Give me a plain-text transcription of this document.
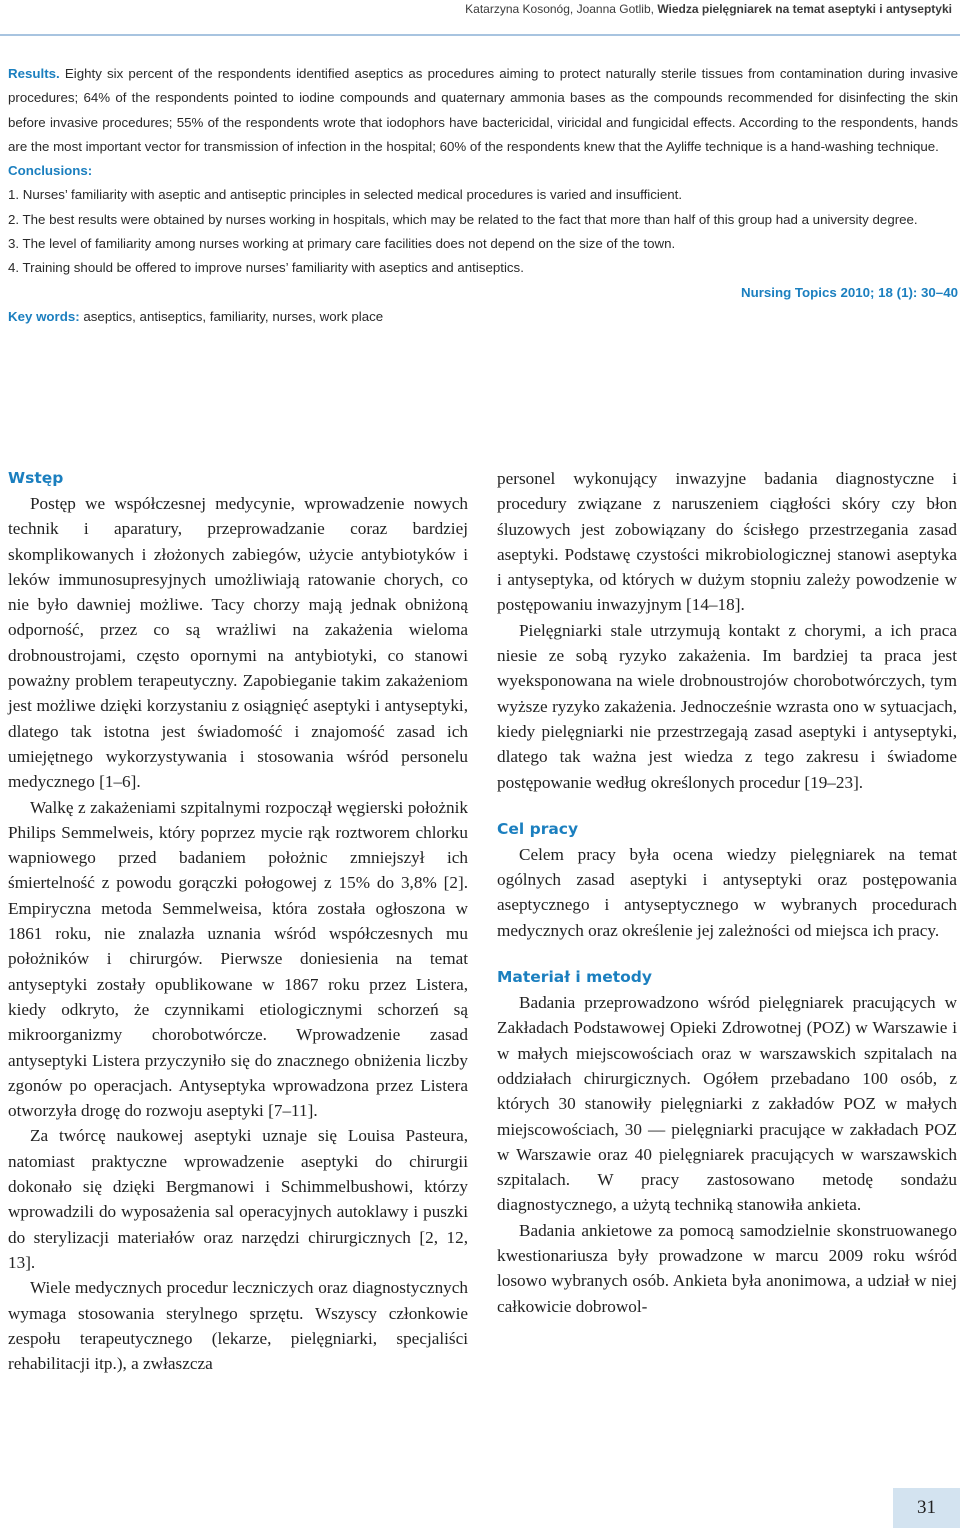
Katarzyna Kosonóg, Joanna Gotlib, Wiedza pielęgniarek na temat aseptyki i antyseptyki

Results. Eighty six percent of the respondents identified aseptics as procedures aiming to protect naturally sterile tissues from contamination during invasive procedures; 64% of the respondents pointed to iodine compounds and quaternary ammonia bases as the compounds recommended for disinfecting the skin before invasive procedures; 55% of the respondents wrote that iodophors have bactericidal, viricidal and fungicidal effects. According to the respondents, hands are the most important vector for transmission of infection in the hospital; 60% of the respondents knew that the Ayliffe technique is a hand-washing technique.

Conclusions:

1. Nurses’ familiarity with aseptic and antiseptic principles in selected medical procedures is varied and insufficient.

2. The best results were obtained by nurses working in hospitals, which may be related to the fact that more than half of this group had a university degree.

3. The level of familiarity among nurses working at primary care facilities does not depend on the size of the town.

4. Training should be offered to improve nurses’ familiarity with aseptics and antiseptics.

Nursing Topics 2010; 18 (1): 30–40

Key words: aseptics, antiseptics, familiarity, nurses, work place

Wstęp

Postęp we współczesnej medycynie, wprowadzenie nowych technik i aparatury, przeprowadzanie coraz bardziej skomplikowanych i złożonych zabiegów, użycie antybiotyków i leków immunosupresyjnych umożliwiają ratowanie chorych, co nie było dawniej możliwe. Tacy chorzy mają jednak obniżoną odporność, przez co są wrażliwi na zakażenia wieloma drobnoustrojami, często opornymi na antybiotyki, co stanowi poważny problem terapeutyczny. Zapobieganie takim zakażeniom jest możliwe dzięki korzystaniu z osiągnięć aseptyki i antyseptyki, dlatego tak istotna jest świadomość i znajomość zasad ich umiejętnego wykorzystywania i stosowania wśród personelu medycznego [1–6].

Walkę z zakażeniami szpitalnymi rozpoczął węgierski położnik Philips Semmelweis, który poprzez mycie rąk roztworem chlorku wapniowego przed badaniem położnic zmniejszył ich śmiertelność z powodu gorączki połogowej z 15% do 3,8% [2]. Empiryczna metoda Semmelweisa, która została ogłoszona w 1861 roku, nie znalazła uznania wśród współczesnych mu położników i chirurgów. Pierwsze doniesienia na temat antyseptyki zostały opublikowane w 1867 roku przez Listera, kiedy odkryto, że czynnikami etiologicznymi schorzeń są mikroorganizmy chorobotwórcze. Wprowadzenie zasad antyseptyki Listera przyczyniło się do znacznego obniżenia liczby zgonów po operacjach. Antyseptyka wprowadzona przez Listera otworzyła drogę do rozwoju aseptyki [7–11].

Za twórcę naukowej aseptyki uznaje się Louisa Pasteura, natomiast praktyczne wprowadzenie aseptyki do chirurgii dokonało się dzięki Bergmanowi i Schimmelbushowi, którzy wprowadzili do wyposażenia sal operacyjnych autoklawy i puszki do sterylizacji materiałów oraz narzędzi chirurgicznych [2, 12, 13].

Wiele medycznych procedur leczniczych oraz diagnostycznych wymaga stosowania sterylnego sprzętu. Wszyscy członkowie zespołu terapeutycznego (lekarze, pielęgniarki, specjaliści rehabilitacji itp.), a zwłaszcza

personel wykonujący inwazyjne badania diagnostyczne i procedury związane z naruszeniem ciągłości skóry czy błon śluzowych jest zobowiązany do ścisłego przestrzegania zasad aseptyki. Podstawę czystości mikrobiologicznej stanowi aseptyka i antyseptyka, od których w dużym stopniu zależy powodzenie w postępowaniu inwazyjnym [14–18].

Pielęgniarki stale utrzymują kontakt z chorymi, a ich praca niesie ze sobą ryzyko zakażenia. Im bardziej ta praca jest wyeksponowana na wiele drobnoustrojów chorobotwórczych, tym wyższe ryzyko zakażenia. Jednocześnie wzrasta ono w sytuacjach, kiedy pielęgniarki nie przestrzegają zasad aseptyki i antyseptyki, dlatego tak ważna jest wiedza z tego zakresu i świadome postępowanie według określonych procedur [19–23].

Cel pracy

Celem pracy była ocena wiedzy pielęgniarek na temat ogólnych zasad aseptyki i antyseptyki oraz postępowania aseptycznego i antyseptycznego w wybranych procedurach medycznych oraz określenie jej zależności od miejsca ich pracy.

Materiał i metody

Badania przeprowadzono wśród pielęgniarek pracujących w Zakładach Podstawowej Opieki Zdrowotnej (POZ) w Warszawie i w małych miejscowościach oraz w warszawskich szpitalach na oddziałach chirurgicznych. Ogółem przebadano 100 osób, z których 30 stanowiły pielęgniarki z zakładów POZ w małych miejscowościach, 30 — pielęgniarki pracujące w zakładach POZ w Warszawie oraz 40 pielęgniarek pracujących w warszawskich szpitalach. W pracy zastosowano metodę sondażu diagnostycznego, a użytą techniką stanowiła ankieta.

Badania ankietowe za pomocą samodzielnie skonstruowanego kwestionariusza były prowadzone w marcu 2009 roku wśród losowo wybranych osób. Ankieta była anonimowa, a udział w niej całkowicie dobrowol-

31
